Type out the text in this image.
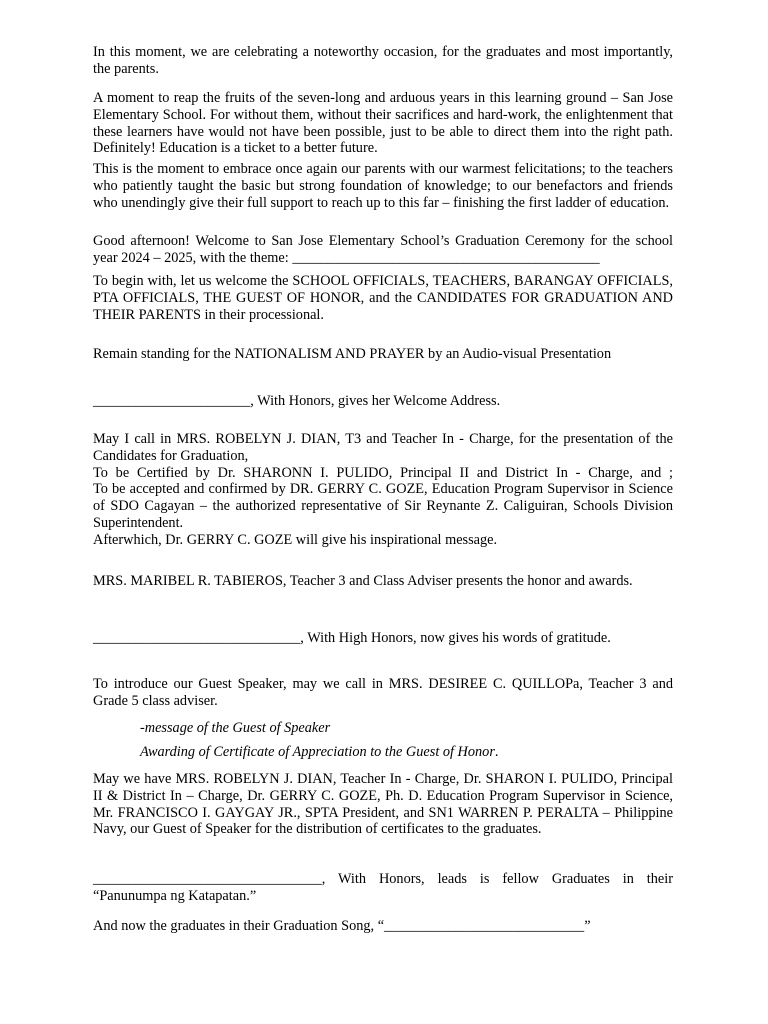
In this moment, we are celebrating a noteworthy occasion, for the graduates and most importantly, the parents.

A moment to reap the fruits of the seven-long and arduous years in this learning ground – San Jose Elementary School. For without them, without their sacrifices and hard-work, the enlightenment that these learners have would not have been possible, just to be able to direct them into the right path. Definitely! Education is a ticket to a better future.

This is the moment to embrace once again our parents with our warmest felicitations; to the teachers who patiently taught the basic but strong foundation of knowledge; to our benefactors and friends who unendingly give their full support to reach up to this far – finishing the first ladder of education.

Good afternoon! Welcome to San Jose Elementary School’s Graduation Ceremony for the school year 2024 – 2025, with the theme: ___________________________________________

To begin with, let us welcome the SCHOOL OFFICIALS, TEACHERS, BARANGAY OFFICIALS, PTA OFFICIALS, THE GUEST OF HONOR, and the CANDIDATES FOR GRADUATION AND THEIR PARENTS in their processional.

Remain standing for the NATIONALISM AND PRAYER by an Audio-visual Presentation

______________________, With Honors, gives her Welcome Address.

May I call in MRS. ROBELYN J. DIAN, T3 and Teacher In - Charge, for the presentation of the Candidates for Graduation,
To be Certified by Dr. SHARONN I. PULIDO, Principal II and District In - Charge, and ;
To be accepted and confirmed by DR. GERRY C. GOZE, Education Program Supervisor in Science of SDO Cagayan – the authorized representative of Sir Reynante Z. Caliguiran, Schools Division Superintendent.
Afterwhich, Dr. GERRY C. GOZE will give his inspirational message.

MRS. MARIBEL R. TABIEROS, Teacher 3 and Class Adviser presents the honor and awards.

_____________________________, With High Honors, now gives his words of gratitude.

To introduce our Guest Speaker, may we call in MRS. DESIREE C. QUILLOPa, Teacher 3 and Grade 5 class adviser.

-message of the Guest of Speaker

Awarding of Certificate of Appreciation to the Guest of Honor.

May we have MRS. ROBELYN J. DIAN, Teacher In - Charge, Dr. SHARON I. PULIDO, Principal II & District In – Charge, Dr. GERRY C. GOZE, Ph. D. Education Program Supervisor in Science, Mr. FRANCISCO I. GAYGAY JR., SPTA President, and SN1 WARREN P. PERALTA – Philippine Navy, our Guest of Speaker for the distribution of certificates to the graduates.

________________________________, With Honors, leads is fellow Graduates in their “Panunumpa ng Katapatan.”

And now the graduates in their Graduation Song, “____________________________”
